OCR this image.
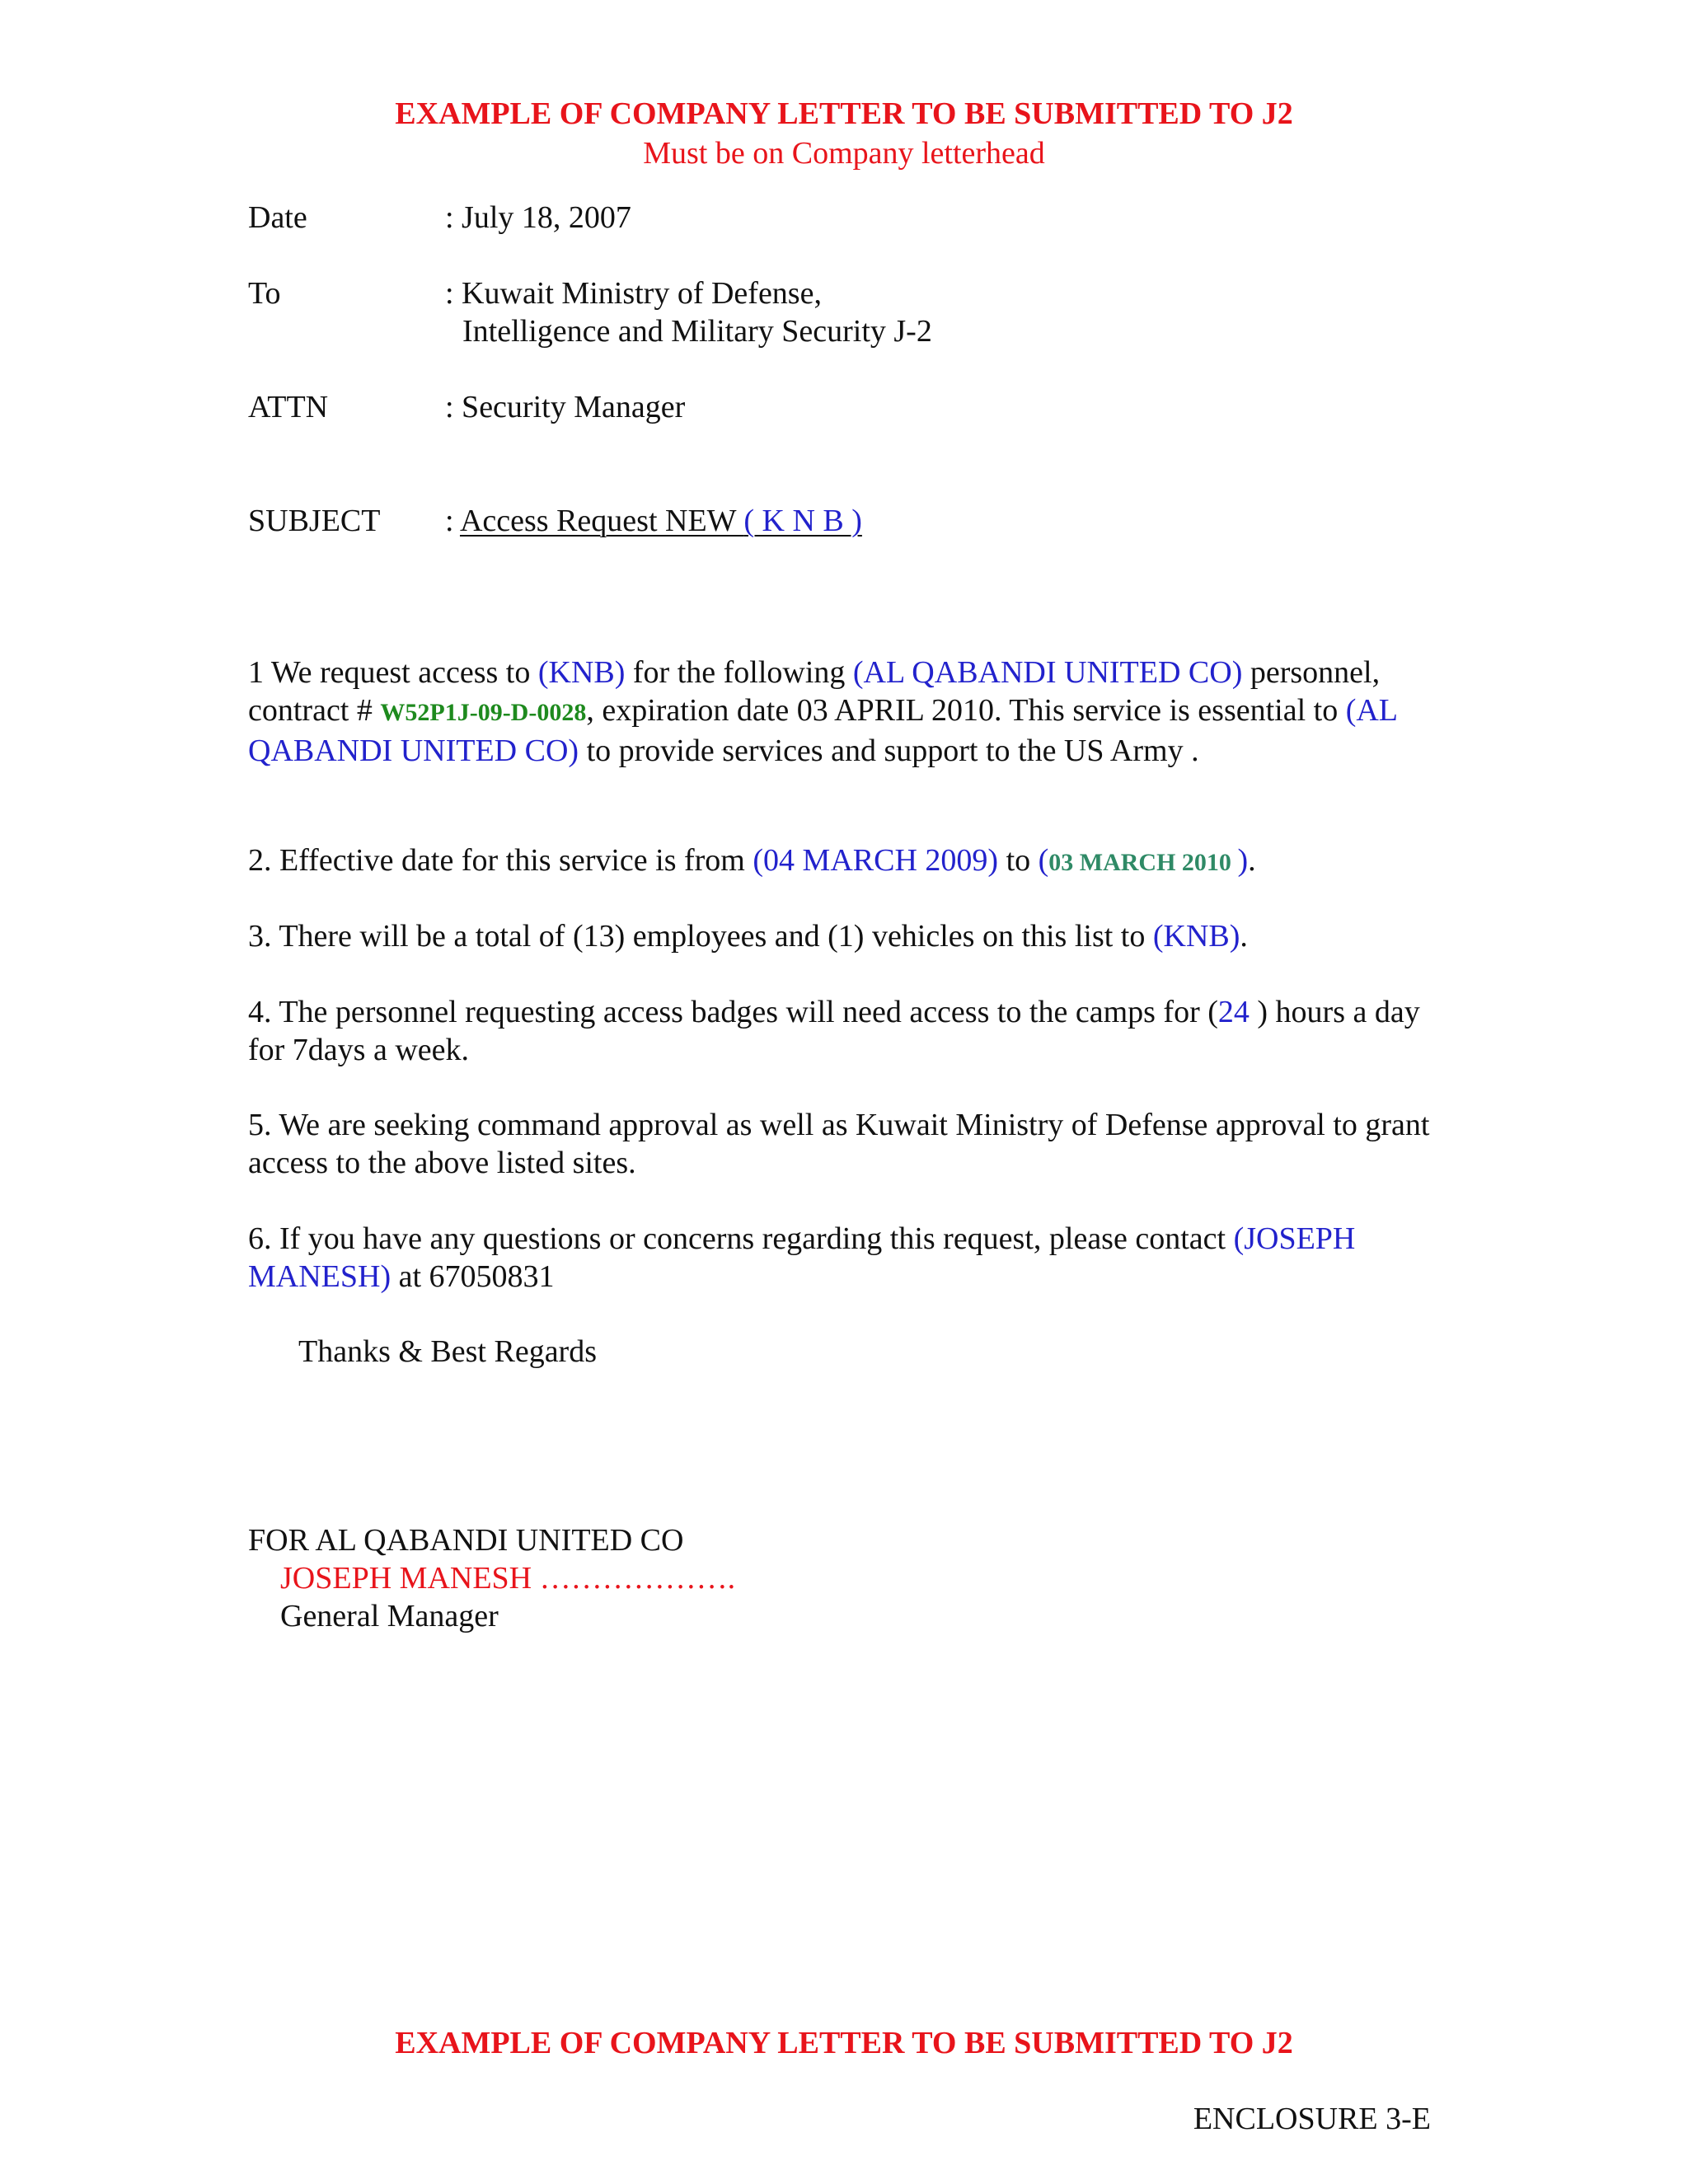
EXAMPLE OF COMPANY LETTER TO BE SUBMITTED TO J2
Must be on Company letterhead
Date	: July 18, 2007
To	: Kuwait Ministry of Defense,
Intelligence and Military Security J-2
ATTN	: Security Manager
SUBJECT : Access Request NEW ( K N B )
1 We request access to (KNB) for the following (AL QABANDI UNITED CO) personnel, contract # W52P1J-09-D-0028, expiration date 03 APRIL 2010. This service is essential to (AL QABANDI UNITED CO) to provide services and support to the US Army .
2. Effective date for this service is from (04 MARCH 2009) to (03 MARCH 2010 ).
3. There will be a total of (13) employees and (1) vehicles on this list to (KNB).
4. The personnel requesting access badges will need access to the camps for (24 ) hours a day for 7days a week.
5. We are seeking command approval as well as Kuwait Ministry of Defense approval to grant access to the above listed sites.
6. If you have any questions or concerns regarding this request, please contact (JOSEPH MANESH) at 67050831
Thanks & Best Regards
FOR AL QABANDI UNITED CO
JOSEPH MANESH ……………….
General Manager
EXAMPLE OF COMPANY LETTER TO BE SUBMITTED TO J2
ENCLOSURE 3-E
